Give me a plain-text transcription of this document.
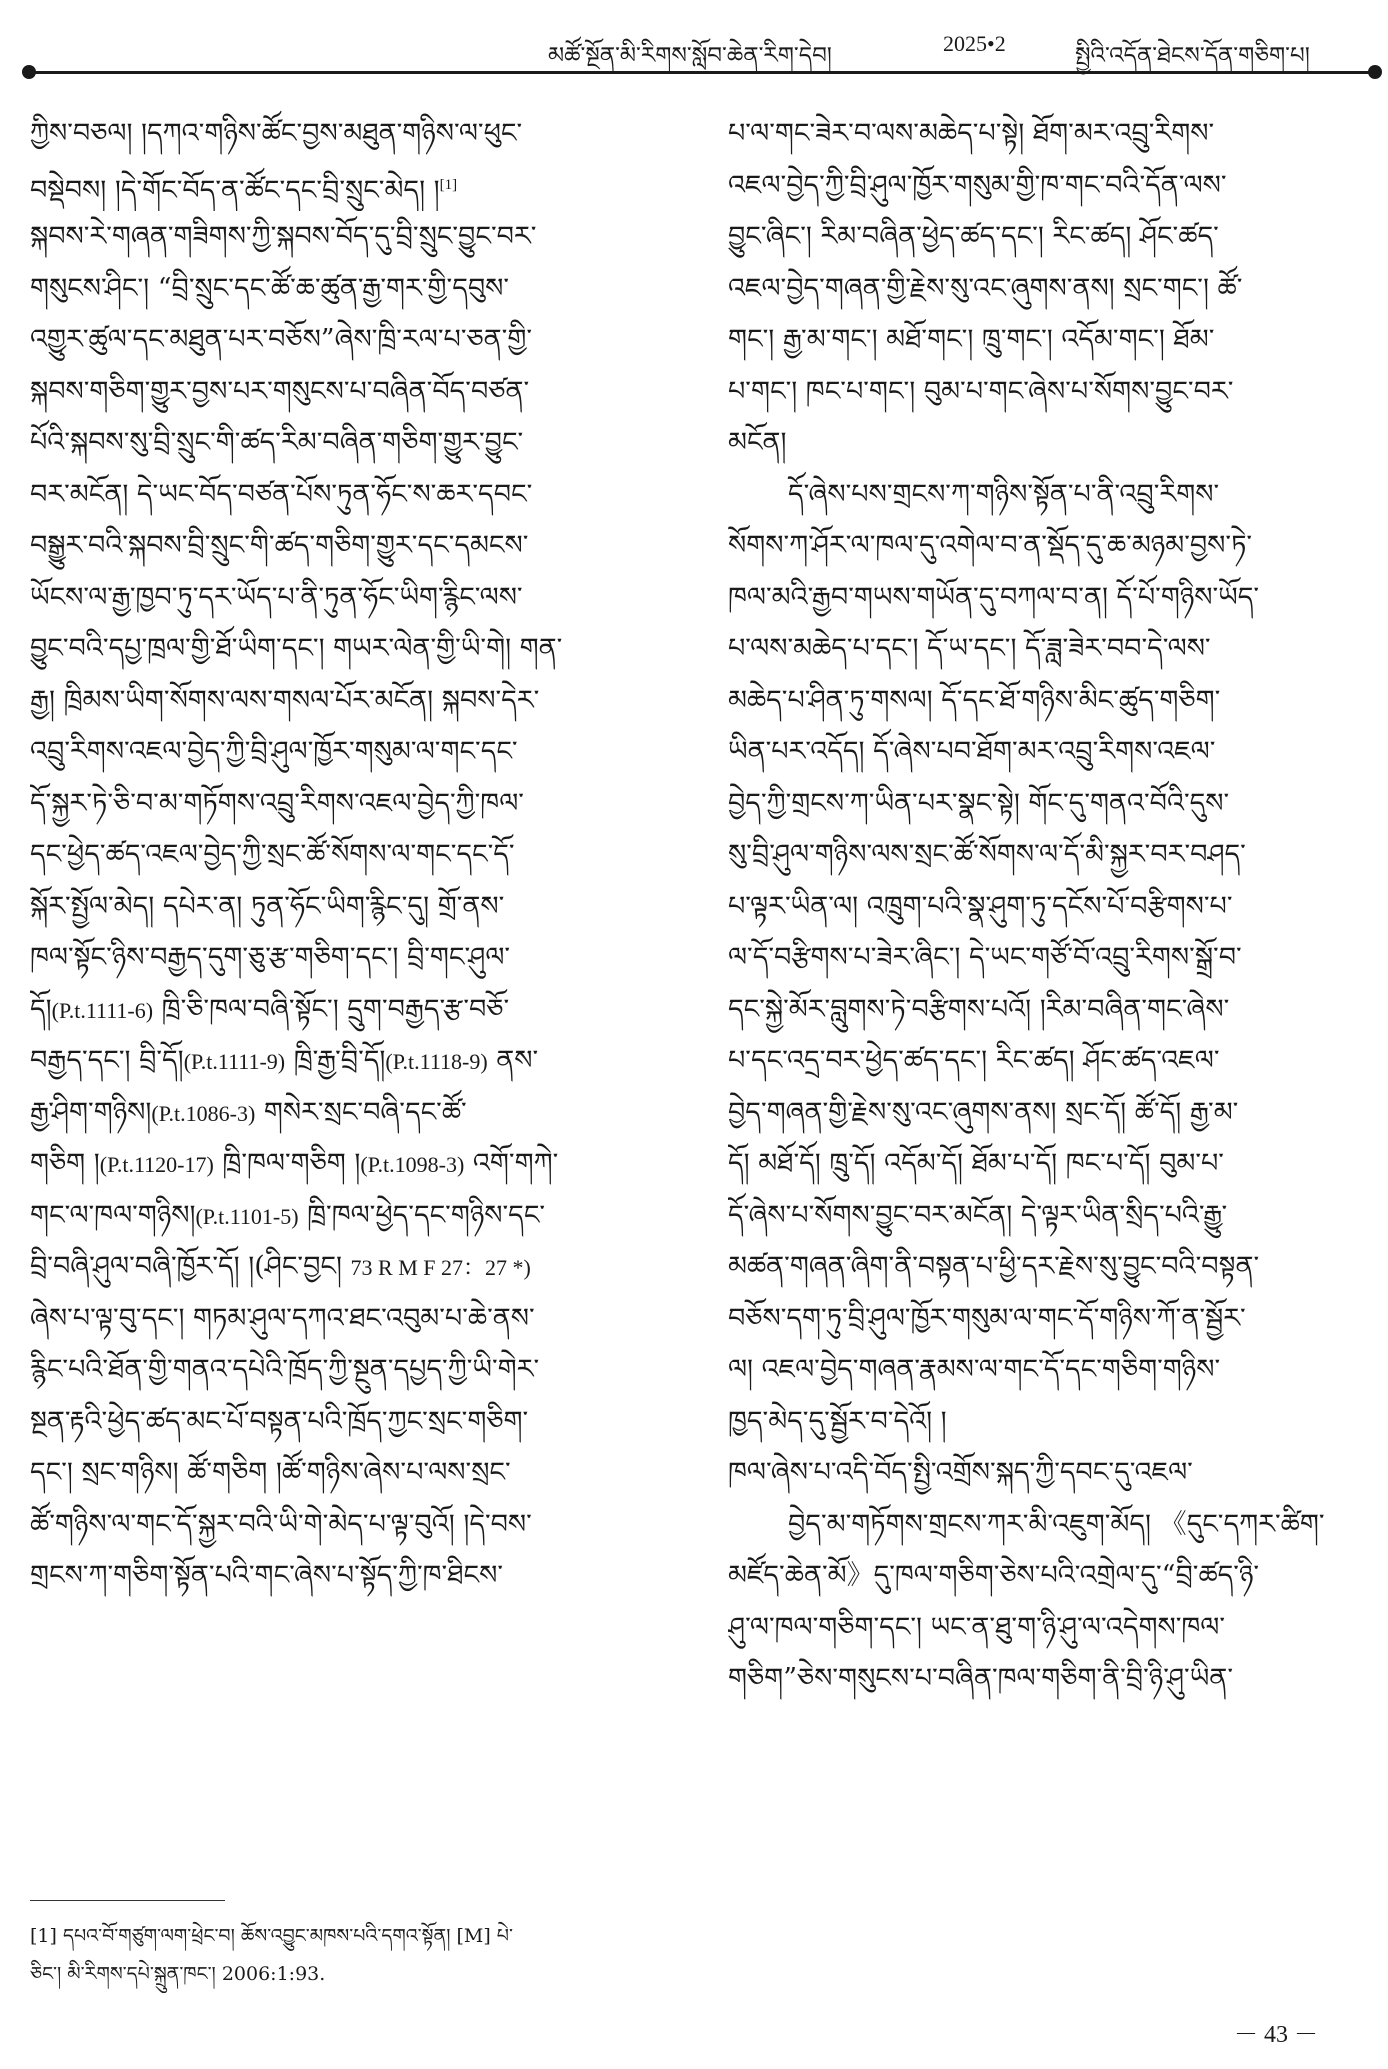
མཚོ་སྔོན་མི་རིགས་སློབ་ཆེན་རིག་དེབ།	2025•2	སྤྱིའི་འདོན་ཐེངས་དོན་གཅིག་པ།
ཀྱིས་བཅལ། །དཀའ་གཉིས་ཚོང་བྱས་མཐུན་གཉིས་ལ་ཕུང་
བསྡེབས། །དེ་གོང་བོད་ན་ཚོང་དང་བྲི་སྲུང་མེད། །[1]
སྐབས་རེ་གཞན་གཟིགས་ཀྱི་སྐབས་བོད་དུ་བྲི་སྲུང་བྱུང་བར་
གསུངས་ཤིང་། “བྲི་སྲུང་དང་ཚོ་ཆ་ཚུན་རྒྱ་གར་གྱི་དབུས་
འགྱུར་ཚུལ་དང་མཐུན་པར་བཅོས”ཞེས་ཁྲི་རལ་པ་ཅན་གྱི་
སྐབས་གཅིག་གྱུར་བྱས་པར་གསུངས་པ་བཞིན་བོད་བཙན་
པོའི་སྐབས་སུ་བྲི་སྲུང་གི་ཚད་རིམ་བཞིན་གཅིག་གྱུར་བྱུང་
བར་མངོན། དེ་ཡང་བོད་བཙན་པོས་ཏུན་ཧོང་ས་ཆར་དབང་
བསྒྱུར་བའི་སྐབས་བྲི་སྲུང་གི་ཚད་གཅིག་གྱུར་དང་དམངས་
ཡོངས་ལ་རྒྱ་ཁྱབ་ཏུ་དར་ཡོད་པ་ནི་ཏུན་ཧོང་ཡིག་རྙིང་ལས་
བྱུང་བའི་དཔྱ་ཁྲལ་གྱི་ཐོ་ཡིག་དང་། གཡར་ལེན་གྱི་ཡི་གེ། གན་
རྒྱ། ཁྲིམས་ཡིག་སོགས་ལས་གསལ་པོར་མངོན། སྐབས་དེར་
འབྲུ་རིགས་འཇལ་བྱེད་ཀྱི་བྲི་ཤུལ་ཁྱོར་གསུམ་ལ་གང་དང་
དོ་སྐྱར་ཏེ་ཅི་བ་མ་གཏོགས་འབྲུ་རིགས་འཇལ་བྱེད་ཀྱི་ཁལ་
དང་ཕྱེད་ཚད་འཇལ་བྱེད་ཀྱི་སྲང་ཚོ་སོགས་ལ་གང་དང་དོ་
སྐོར་སྤྱོལ་མེད། དཔེར་ན། ཏུན་ཧོང་ཡིག་རྙིང་དུ། གྲོ་ནས་
ཁལ་སྟོང་ཉིས་བརྒྱད་དུག་ཅུ་རྩ་གཅིག་དང་། བྲི་གང་ཤུལ་
དོ།(P.t.1111-6) ཁྲི་ཅི་ཁལ་བཞི་སྟོང་། དྲུག་བརྒྱད་རྩ་བཅོ་
བརྒྱད་དང་། བྲི་དོ།(P.t.1111-9) ཁྲི་རྒྱ་བྲི་དོ།(P.t.1118-9) ནས་
རྒྱ་ཤིག་གཉིས།(P.t.1086-3) གསེར་སྲང་བཞི་དང་ཚོ་
གཅིག །(P.t.1120-17) ཁྲི་ཁལ་གཅིག །(P.t.1098-3) འགོ་གཀེ་
གང་ལ་ཁལ་གཉིས།(P.t.1101-5) ཁྲི་ཁལ་ཕྱེད་དང་གཉིས་དང་
བྲི་བཞི་ཤུལ་བཞི་ཁྱོར་དོ། །(ཤིང་བྱང། 73 R M F 27：27 *)
ཞེས་པ་ལྟ་བུ་དང་། གཏམ་ཤུལ་དཀའ་ཐང་འབུམ་པ་ཆེ་ནས་
རྙིང་པའི་ཐོན་གྱི་གནའ་དཔེའི་ཁྲོད་ཀྱི་སྔུན་དཔྱད་ཀྱི་ཡི་གེར་
སྔན་རྟའི་ཕྱེད་ཚད་མང་པོ་བསྟན་པའི་ཁྲོད་ཀྱང་སྲང་གཅིག་
དང་། སྲང་གཉིས། ཚོ་གཅིག །ཚོ་གཉིས་ཞེས་པ་ལས་སྲང་
ཚོ་གཉིས་ལ་གང་དོ་སྐྱར་བའི་ཡི་གེ་མེད་པ་ལྟ་བུའོ། །དེ་བས་
གྲངས་ཀ་གཅིག་སྟོན་པའི་གང་ཞེས་པ་སྟོད་ཀྱི་ཁ་ཐིངས་
པ་ལ་གང་ཟེར་བ་ལས་མཆེད་པ་སྟེ། ཐོག་མར་འབྲུ་རིགས་
འཇལ་བྱེད་ཀྱི་བྲི་ཤུལ་ཁྱོར་གསུམ་གྱི་ཁ་གང་བའི་དོན་ལས་
བྱུང་ཞིང་། རིམ་བཞིན་ཕྱེད་ཚད་དང་། རིང་ཚད། ཤོང་ཚད་
འཇལ་བྱེད་གཞན་གྱི་རྗེས་སུ་འང་ཞུགས་ནས། སྲང་གང་། ཚོ་
གང་། རྒྱ་མ་གང་། མཐོ་གང་། ཁྲུ་གང་། འདོམ་གང་། ཐོམ་
པ་གང་། ཁང་པ་གང་། བུམ་པ་གང་ཞེས་པ་སོགས་བྱུང་བར་
མངོན།
དོ་ཞེས་པས་གྲངས་ཀ་གཉིས་སྟོན་པ་ནི་འབྲུ་རིགས་
སོགས་ཀ་ཤོར་ལ་ཁལ་དུ་འགེལ་བ་ན་སྡོད་དུ་ཆ་མཉམ་བྱས་ཏེ་
ཁལ་མའི་རྒྱབ་གཡས་གཡོན་དུ་བཀལ་བ་ན། དོ་པོ་གཉིས་ཡོད་
པ་ལས་མཆེད་པ་དང་། དོ་ཡ་དང་། དོ་ཟླ་ཟེར་བབ་དེ་ལས་
མཆེད་པ་ཤིན་ཏུ་གསལ། དོ་དང་ཐོ་གཉིས་མིང་ཚུད་གཅིག་
ཡིན་པར་འདོད། དོ་ཞེས་པབ་ཐོག་མར་འབྲུ་རིགས་འཇལ་
བྱེད་ཀྱི་གྲངས་ཀ་ཡིན་པར་སྣང་སྟེ། གོང་དུ་གནའ་བོའི་དུས་
སུ་བྲི་ཤུལ་གཉིས་ལས་སྲང་ཚོ་སོགས་ལ་དོ་མི་སྐྱར་བར་བཤད་
པ་ལྟར་ཡིན་ལ། འཁྲུག་པའི་སྣ་ཤུག་ཏུ་དངོས་པོ་བརྩིགས་པ་
ལ་དོ་བརྩིགས་པ་ཟེར་ཞིང་། དེ་ཡང་གཙོ་བོ་འབྲུ་རིགས་སྒྲོ་བ་
དང་སྐྱེ་མོར་བླུགས་ཏེ་བརྩིགས་པའོ། །རིམ་བཞིན་གང་ཞེས་
པ་དང་འདྲ་བར་ཕྱེད་ཚད་དང་། རིང་ཚད། ཤོང་ཚད་འཇལ་
བྱེད་གཞན་གྱི་རྗེས་སུ་འང་ཞུགས་ནས། སྲང་དོ། ཚོ་དོ། རྒྱ་མ་
དོ། མཐོ་དོ། ཁྲུ་དོ། འདོམ་དོ། ཐོམ་པ་དོ། ཁང་པ་དོ། བུམ་པ་
དོ་ཞེས་པ་སོགས་བྱུང་བར་མངོན། དེ་ལྟར་ཡིན་སྲིད་པའི་རྒྱུ་
མཚན་གཞན་ཞིག་ནི་བསྟན་པ་ཕྱི་དར་རྗེས་སུ་བྱུང་བའི་བསྟན་
བཅོས་དག་ཏུ་བྲི་ཤུལ་ཁྱོར་གསུམ་ལ་གང་དོ་གཉིས་ཀོ་ན་སྦྱོར་
ལ། འཇལ་བྱེད་གཞན་རྣམས་ལ་གང་དོ་དང་གཅིག་གཉིས་
ཁྱད་མེད་དུ་སྦྱོར་བ་དེའོ། །
ཁལ་ཞེས་པ་འདི་བོད་སྤྱི་འགྲོས་སྐད་ཀྱི་དབང་དུ་འཇལ་
བྱེད་མ་གཏོགས་གྲངས་ཀར་མི་འཇུག་མོད། 《དུང་དཀར་ཚིག་
མཛོད་ཆེན་མོ》དུ་ཁལ་གཅིག་ཅེས་པའི་འགྲེལ་དུ་“བྲི་ཚད་ཉི་
ཤུ་ལ་ཁལ་གཅིག་དང་། ཡང་ན་ཐུ་ག་ཉི་ཤུ་ལ་འདེགས་ཁལ་
གཅིག”ཅེས་གསུངས་པ་བཞིན་ཁལ་གཅིག་ནི་བྲི་ཉི་ཤུ་ཡིན་
[1] དཔའ་བོ་གཙུག་ལག་ཕྲེང་བ། ཆོས་འབྱུང་མཁས་པའི་དགའ་སྟོན། [M] པེ་
ཅིང་། མི་རིགས་དཔེ་སྐྲུན་ཁང་། 2006:1:93.
－ 43 －
